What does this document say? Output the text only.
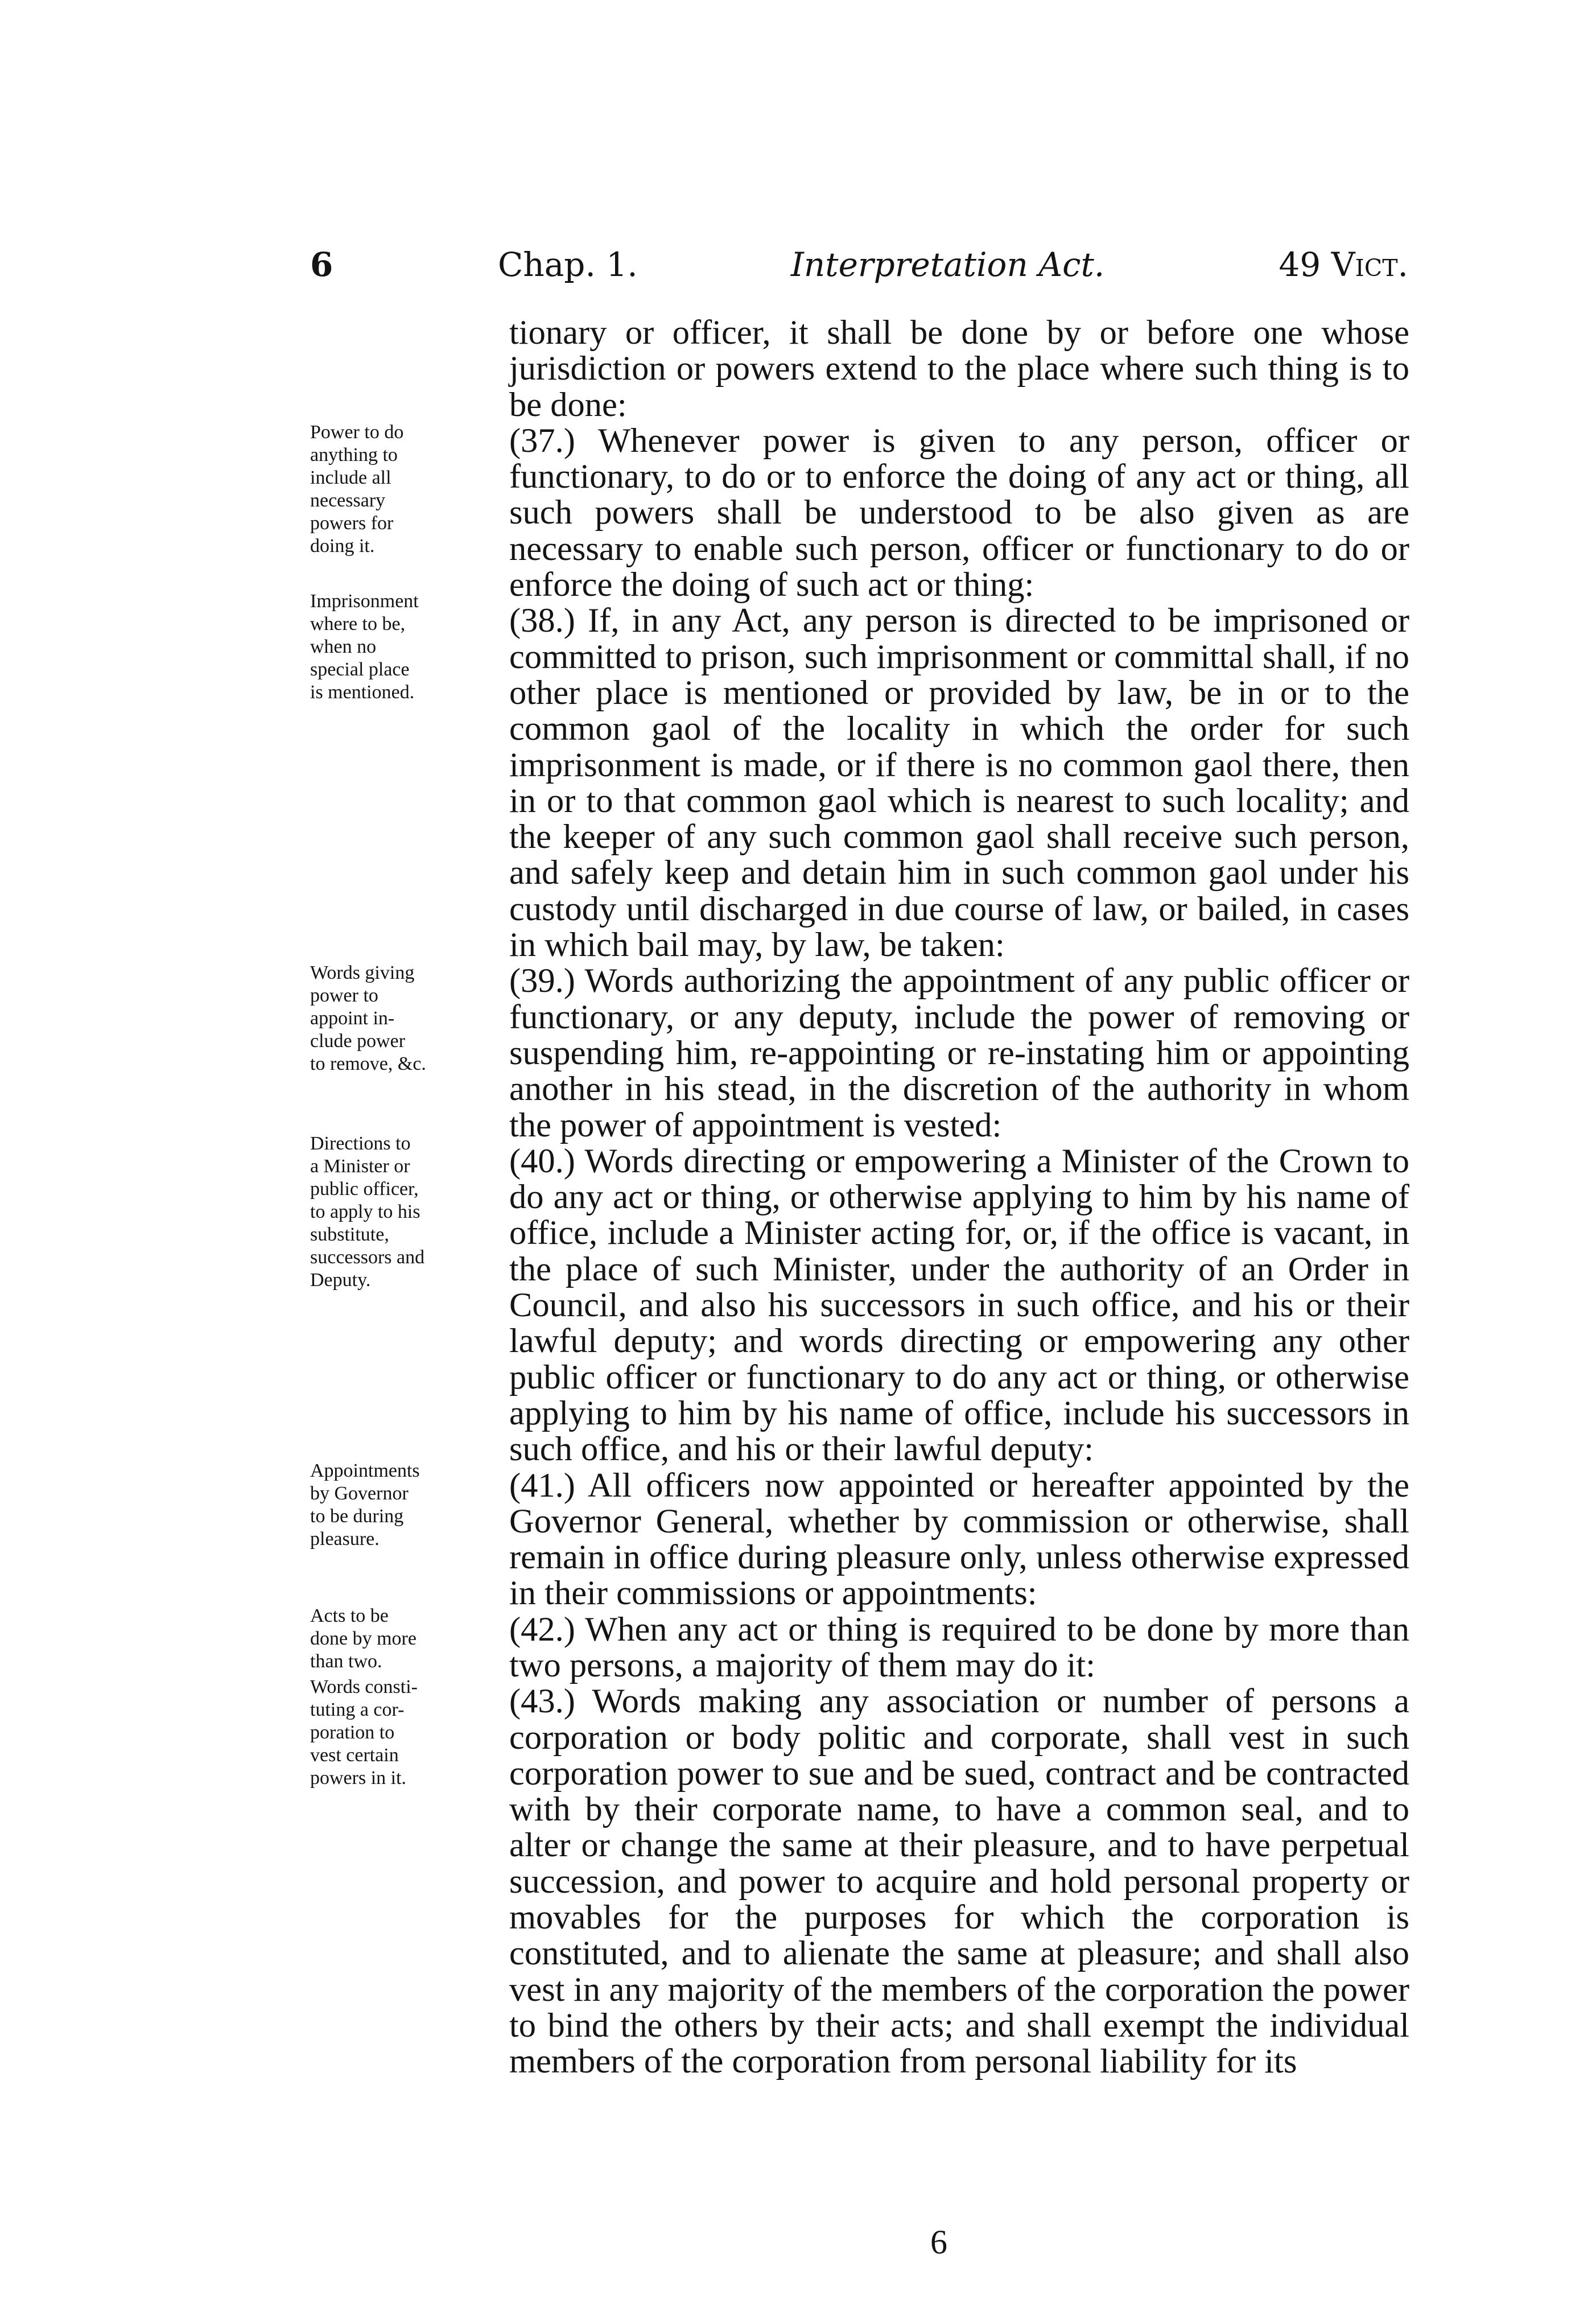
6	Chap. 1.	Interpretation Act.	49 Vict.
Power to do
anything to
include all
necessary
powers for
doing it.
Imprisonment
where to be,
when no
special place
is mentioned.
Words giving
power to
appoint in-
clude power
to remove, &c.
Directions to
a Minister or
public officer,
to apply to his
substitute,
successors and
Deputy.
Appointments
by Governor
to be during
pleasure.
Acts to be
done by more
than two.
Words consti-
tuting a cor-
poration to
vest certain
powers in it.

tionary or officer, it shall be done by or before one whose jurisdiction or powers extend to the place where such thing is to be done:

(37.) Whenever power is given to any person, officer or functionary, to do or to enforce the doing of any act or thing, all such powers shall be understood to be also given as are necessary to enable such person, officer or functionary to do or enforce the doing of such act or thing:

(38.) If, in any Act, any person is directed to be imprisoned or committed to prison, such imprisonment or committal shall, if no other place is mentioned or provided by law, be in or to the common gaol of the locality in which the order for such imprisonment is made, or if there is no common gaol there, then in or to that common gaol which is nearest to such locality; and the keeper of any such common gaol shall receive such person, and safely keep and detain him in such common gaol under his custody until discharged in due course of law, or bailed, in cases in which bail may, by law, be taken:

(39.) Words authorizing the appointment of any public officer or functionary, or any deputy, include the power of removing or suspending him, re-appointing or re-instating him or appointing another in his stead, in the discretion of the authority in whom the power of appointment is vested:

(40.) Words directing or empowering a Minister of the Crown to do any act or thing, or otherwise applying to him by his name of office, include a Minister acting for, or, if the office is vacant, in the place of such Minister, under the authority of an Order in Council, and also his successors in such office, and his or their lawful deputy; and words directing or empowering any other public officer or functionary to do any act or thing, or otherwise applying to him by his name of office, include his successors in such office, and his or their lawful deputy:

(41.) All officers now appointed or hereafter appointed by the Governor General, whether by commission or otherwise, shall remain in office during pleasure only, unless otherwise expressed in their commissions or appointments:

(42.) When any act or thing is required to be done by more than two persons, a majority of them may do it:

(43.) Words making any association or number of persons a corporation or body politic and corporate, shall vest in such corporation power to sue and be sued, contract and be contracted with by their corporate name, to have a common seal, and to alter or change the same at their pleasure, and to have perpetual succession, and power to acquire and hold personal property or movables for the purposes for which the corporation is constituted, and to alienate the same at pleasure; and shall also vest in any majority of the members of the corporation the power to bind the others by their acts; and shall exempt the individual members of the corporation from personal liability for its

6
